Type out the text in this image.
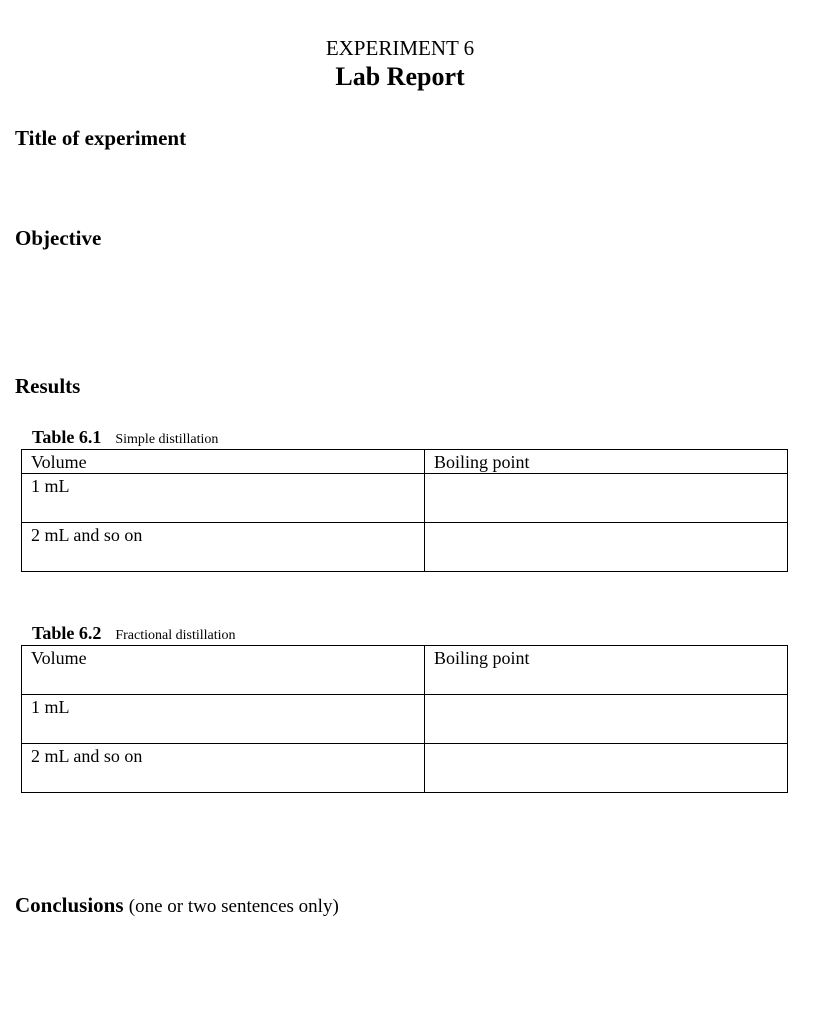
EXPERIMENT 6
Lab Report
Title of experiment
Objective
Results
Table 6.1 Simple distillation
Volume	Boiling point
1 mL	
2 mL and so on	
Table 6.2 Fractional distillation
Volume	Boiling point
1 mL	
2 mL and so on	
Conclusions (one or two sentences only)
